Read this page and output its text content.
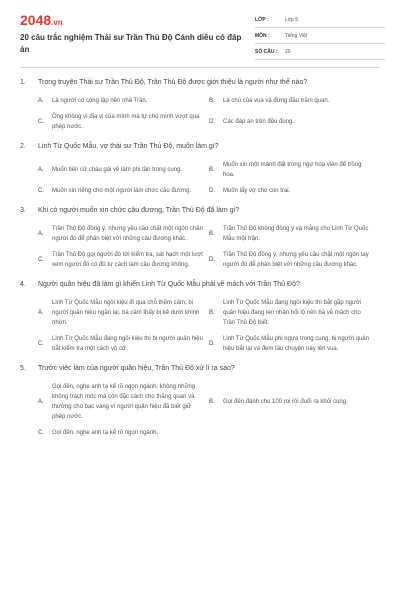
2048.vn
20 câu trắc nghiệm Thái sư Trần Thủ Độ Cánh diều có đáp án
LỚP :	Lớp 5
MÔN :	Tiếng Việt
SỐ CÂU :	20
1.	Trong truyện Thái sư Trần Thủ Độ, Trần Thủ Độ được giới thiệu là người như thế nào?
A.	Là người có công lập nên nhà Trần.	B.	Là chú của vua và đứng đầu trăm quan.
C.
Ông không vì địa vị của mình mà tự cho mình vượt qua phép nước.
D.	Các đáp án trên đều đúng.
2.	Linh Từ Quốc Mẫu, vợ thái sư Trần Thủ Độ, muốn làm gì?
A.	Muốn tiến cử cháu gái về làm phi tần trong cung.	B.
Muốn xin một mảnh đất trong ngự hoa viên để trồng hoa.
C.	Muốn xin riêng cho một người làm chức câu đương.	D.	Muốn lấy vợ cho con trai.
3.	Khi có người muốn xin chức câu đương, Trần Thủ Độ đã làm gì?
A.
Trần Thủ Độ đồng ý, nhưng yêu cầu chặt một ngón chân người đó để phân biệt với những câu đương khác.
B.
Trần Thủ Độ không đồng ý và mắng cho Linh Từ Quốc Mẫu một trận.
C.
Trần Thủ Độ gọi người đó tới kiểm tra, sát hạch một lượt xem người đó có đủ tư cách làm câu đương không.
D.
Trần Thủ Độ đồng ý, nhưng yêu cầu chặt một ngón tay người đó để phân biệt với những câu đương khác.
4.	Người quân hiệu đã làm gì khiến Linh Từ Quốc Mẫu phải về mách với Trần Thủ Độ?
A.
Linh Từ Quốc Mẫu ngồi kiệu đi qua chỗ thềm cấm, bị người quân hiệu ngăn lại, bà cảm thấy bị kẻ dưới khinh nhờn.
B.
Linh Từ Quốc Mẫu đang ngồi kiệu thì bắt gặp người quân hiệu đang lén nhận hối lộ nên bà về mách cho Trần Thủ Độ biết.
C.
Linh Từ Quốc Mẫu đang ngồi kiệu thì bị người quân hiệu bắt kiểm tra một cách vô cớ.
D.
Linh Từ Quốc Mẫu phi ngựa trong cung, bị người quân hiệu bắt lại và đem tâu chuyện này lên vua.
5.	Trước việc làm của người quân hiệu, Trần Thủ Độ xử lí ra sao?
A.
Gọi đến, nghe anh ta kể rõ ngọn ngành, không những không trách móc mà còn đặc cách cho thăng quan và thưởng cho bạc vàng vì người quân hiệu đã biết giữ phép nước.
B.	Gọi đến đánh cho 100 roi rồi đuổi ra khỏi cung.
C.	Gọi đến, nghe anh ta kể rõ ngọn ngành,
